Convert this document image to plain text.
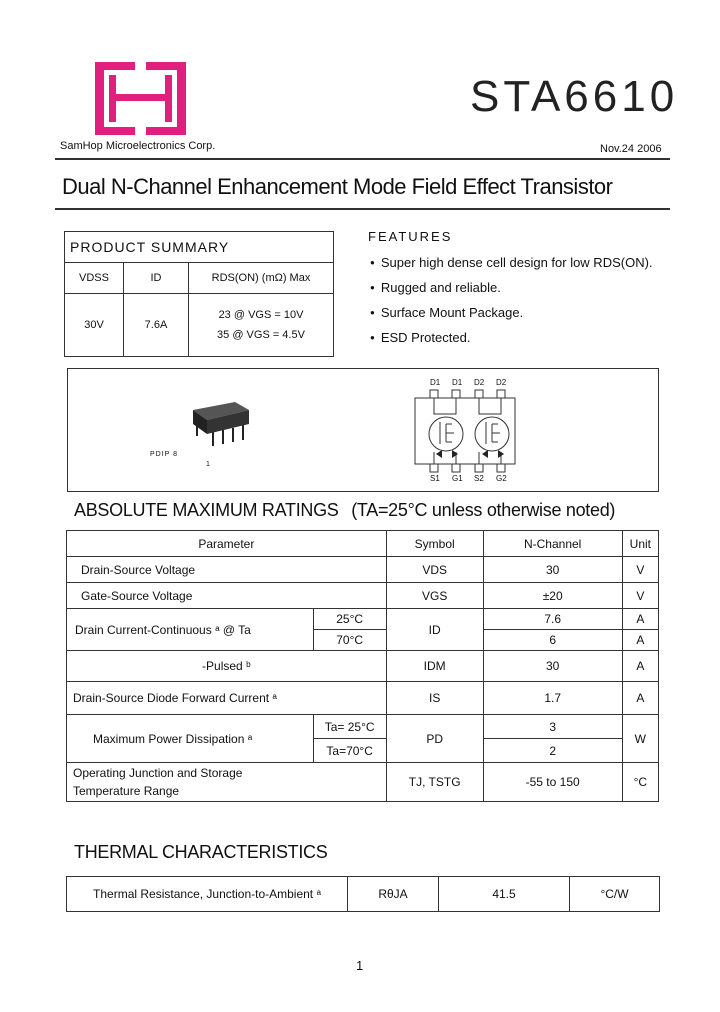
STA6610
SamHop Microelectronics Corp.	Nov.24 2006
Dual N-Channel Enhancement Mode Field Effect Transistor
PRODUCT SUMMARY		
VDSS	ID	RDS(ON) (mΩ) Max
30V	7.6A	23 @ VGS = 10V
35 @ VGS = 4.5V
FEATURES
● Super high dense cell design for low RDS(ON).
● Rugged and reliable.
● Surface Mount Package.
● ESD Protected.
PDIP 8
1
D1 D1 D2 D2
S1 G1 S2 G2
ABSOLUTE MAXIMUM RATINGS (TA=25°C unless otherwise noted)
Parameter		Symbol	N-Channel	Unit
Drain-Source Voltage		VDS	30	V
Gate-Source Voltage		VGS	±20	V
Drain Current-Continuous ᵃ @ Ta	25°C	ID	7.6	A
	70°C		6	A
-Pulsed ᵇ		IDM	30	A
Drain-Source Diode Forward Current ᵃ		IS	1.7	A
Maximum Power Dissipation ᵃ	Ta= 25°C	PD	3	W
	Ta=70°C		2	

Operating Junction and Storage
Temperature Range		TJ, TSTG	-55 to 150	°C
THERMAL CHARACTERISTICS
Thermal Resistance, Junction-to-Ambient ᵃ	RθJA	41.5	°C/W
1
